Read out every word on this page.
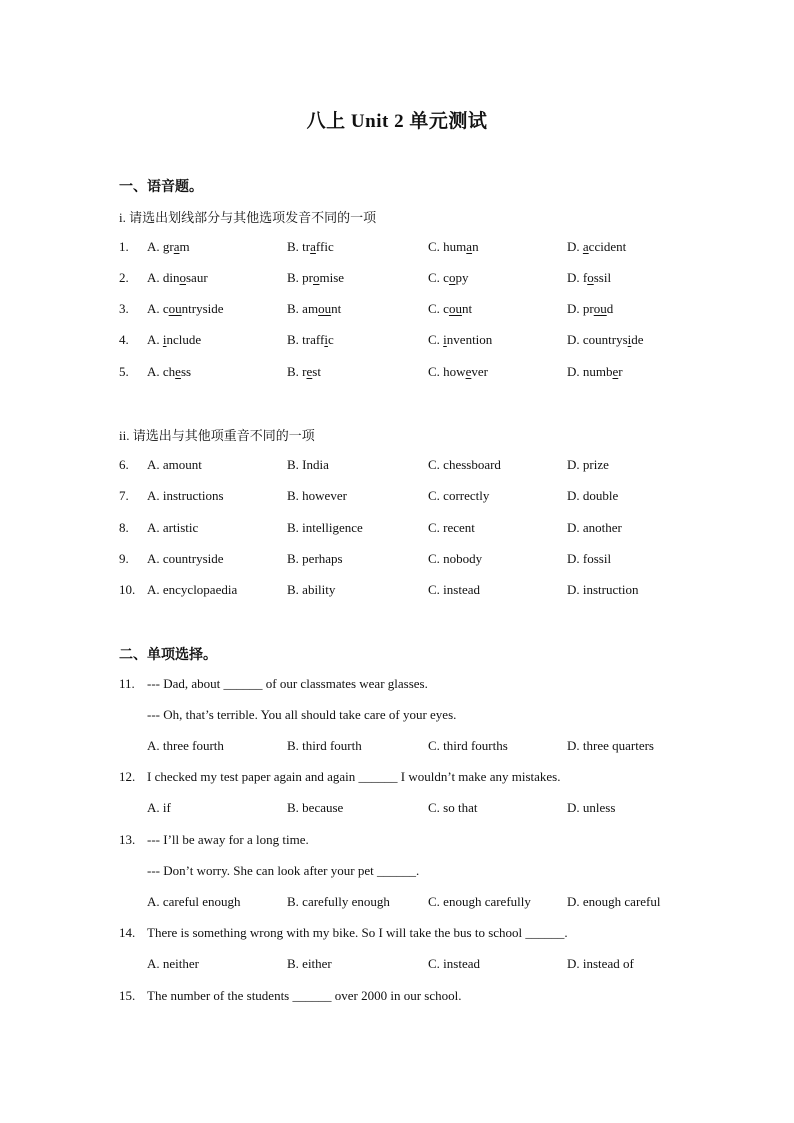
八上 Unit 2 单元测试
一、语音题。
i. 请选出划线部分与其他选项发音不同的一项
1. A. gram	B. traffic	C. human	D. accident
2. A. dinosaur	B. promise	C. copy	D. fossil
3. A. countryside	B. amount	C. count	D. proud
4. A. include	B. traffic	C. invention	D. countryside
5. A. chess	B. rest	C. however	D. number
ii. 请选出与其他项重音不同的一项
6. A. amount	B. India	C. chessboard	D. prize
7. A. instructions	B. however	C. correctly	D. double
8. A. artistic	B. intelligence	C. recent	D. another
9. A. countryside	B. perhaps	C. nobody	D. fossil
10. A. encyclopaedia	B. ability	C. instead	D. instruction
二、单项选择。
11. --- Dad, about ______ of our classmates wear glasses.
--- Oh, that’s terrible. You all should take care of your eyes.
A. three fourth	B. third fourth	C. third fourths	D. three quarters
12. I checked my test paper again and again ______ I wouldn’t make any mistakes.
A. if	B. because	C. so that	D. unless
13. --- I’ll be away for a long time.
--- Don’t worry. She can look after your pet ______.
A. careful enough	B. carefully enough	C. enough carefully	D. enough careful
14. There is something wrong with my bike. So I will take the bus to school ______.
A. neither	B. either	C. instead	D. instead of
15. The number of the students ______ over 2000 in our school.
